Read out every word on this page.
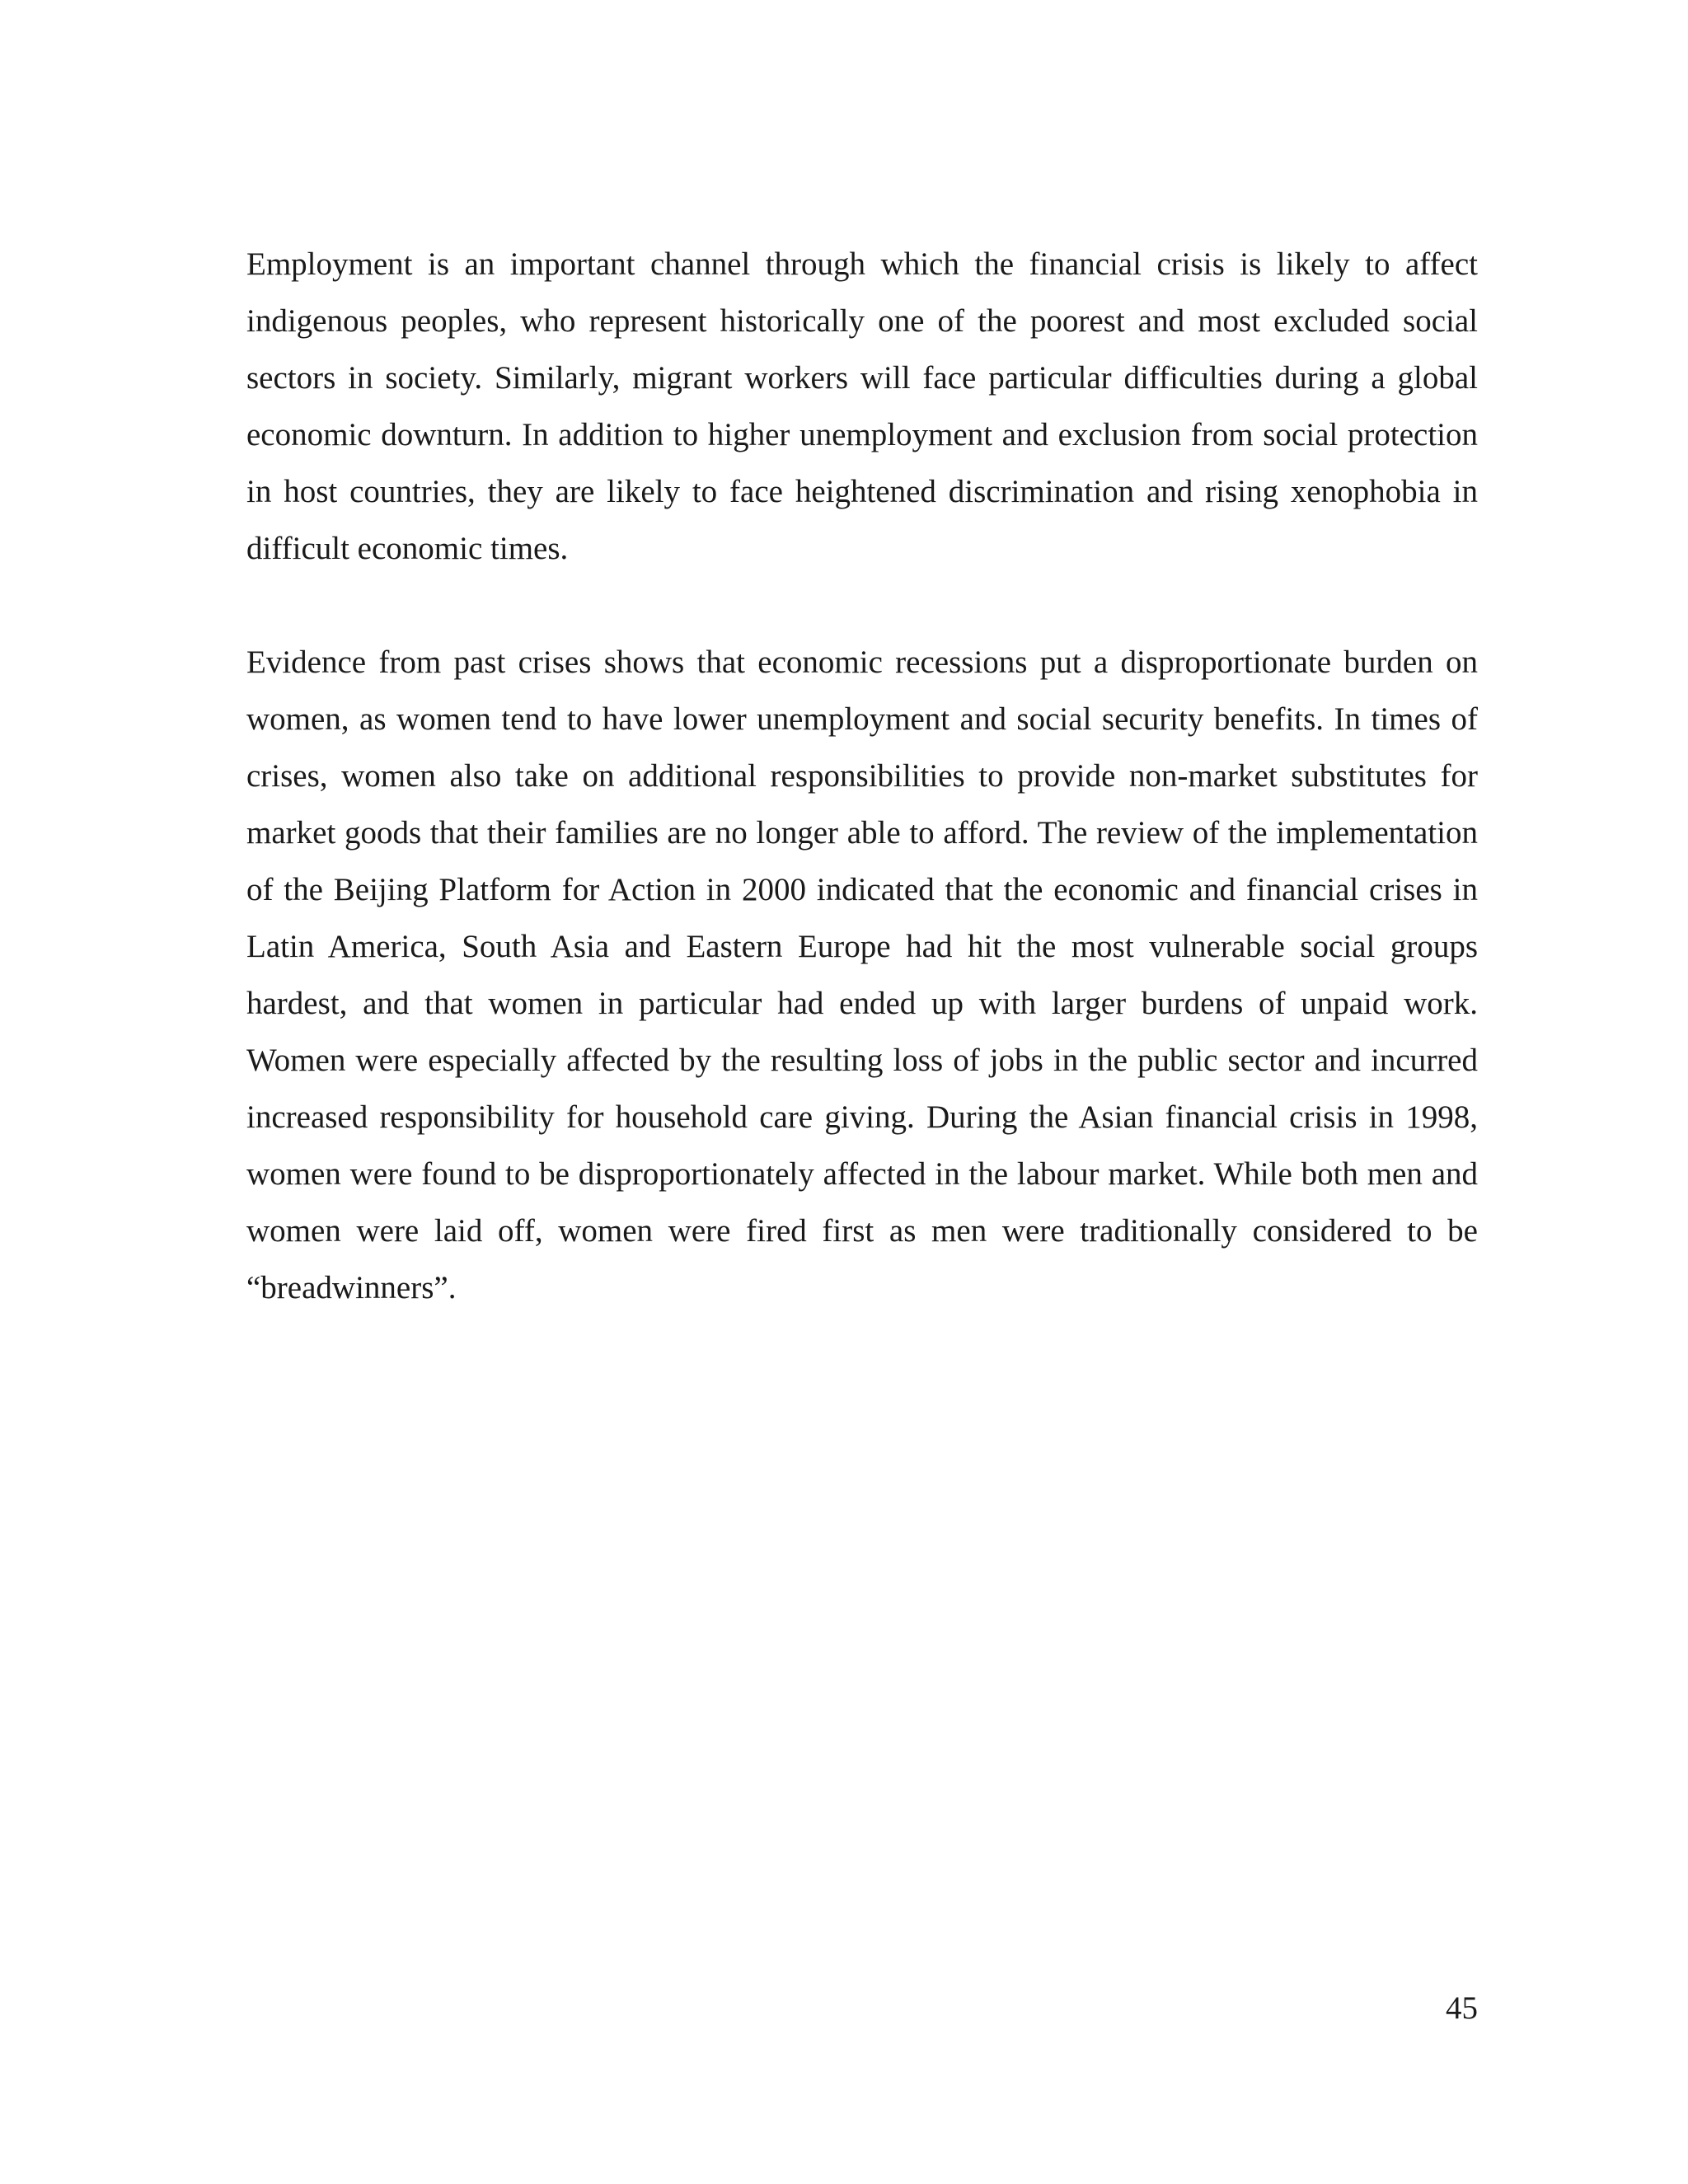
Employment is an important channel through which the financial crisis is likely to affect indigenous peoples, who represent historically one of the poorest and most excluded social sectors in society. Similarly, migrant workers will face particular difficulties during a global economic downturn. In addition to higher unemployment and exclusion from social protection in host countries, they are likely to face heightened discrimination and rising xenophobia in difficult economic times.

Evidence from past crises shows that economic recessions put a disproportionate burden on women, as women tend to have lower unemployment and social security benefits. In times of crises, women also take on additional responsibilities to provide non-market substitutes for market goods that their families are no longer able to afford. The review of the implementation of the Beijing Platform for Action in 2000 indicated that the economic and financial crises in Latin America, South Asia and Eastern Europe had hit the most vulnerable social groups hardest, and that women in particular had ended up with larger burdens of unpaid work. Women were especially affected by the resulting loss of jobs in the public sector and incurred increased responsibility for household care giving. During the Asian financial crisis in 1998, women were found to be disproportionately affected in the labour market. While both men and women were laid off, women were fired first as men were traditionally considered to be “breadwinners”.

45
